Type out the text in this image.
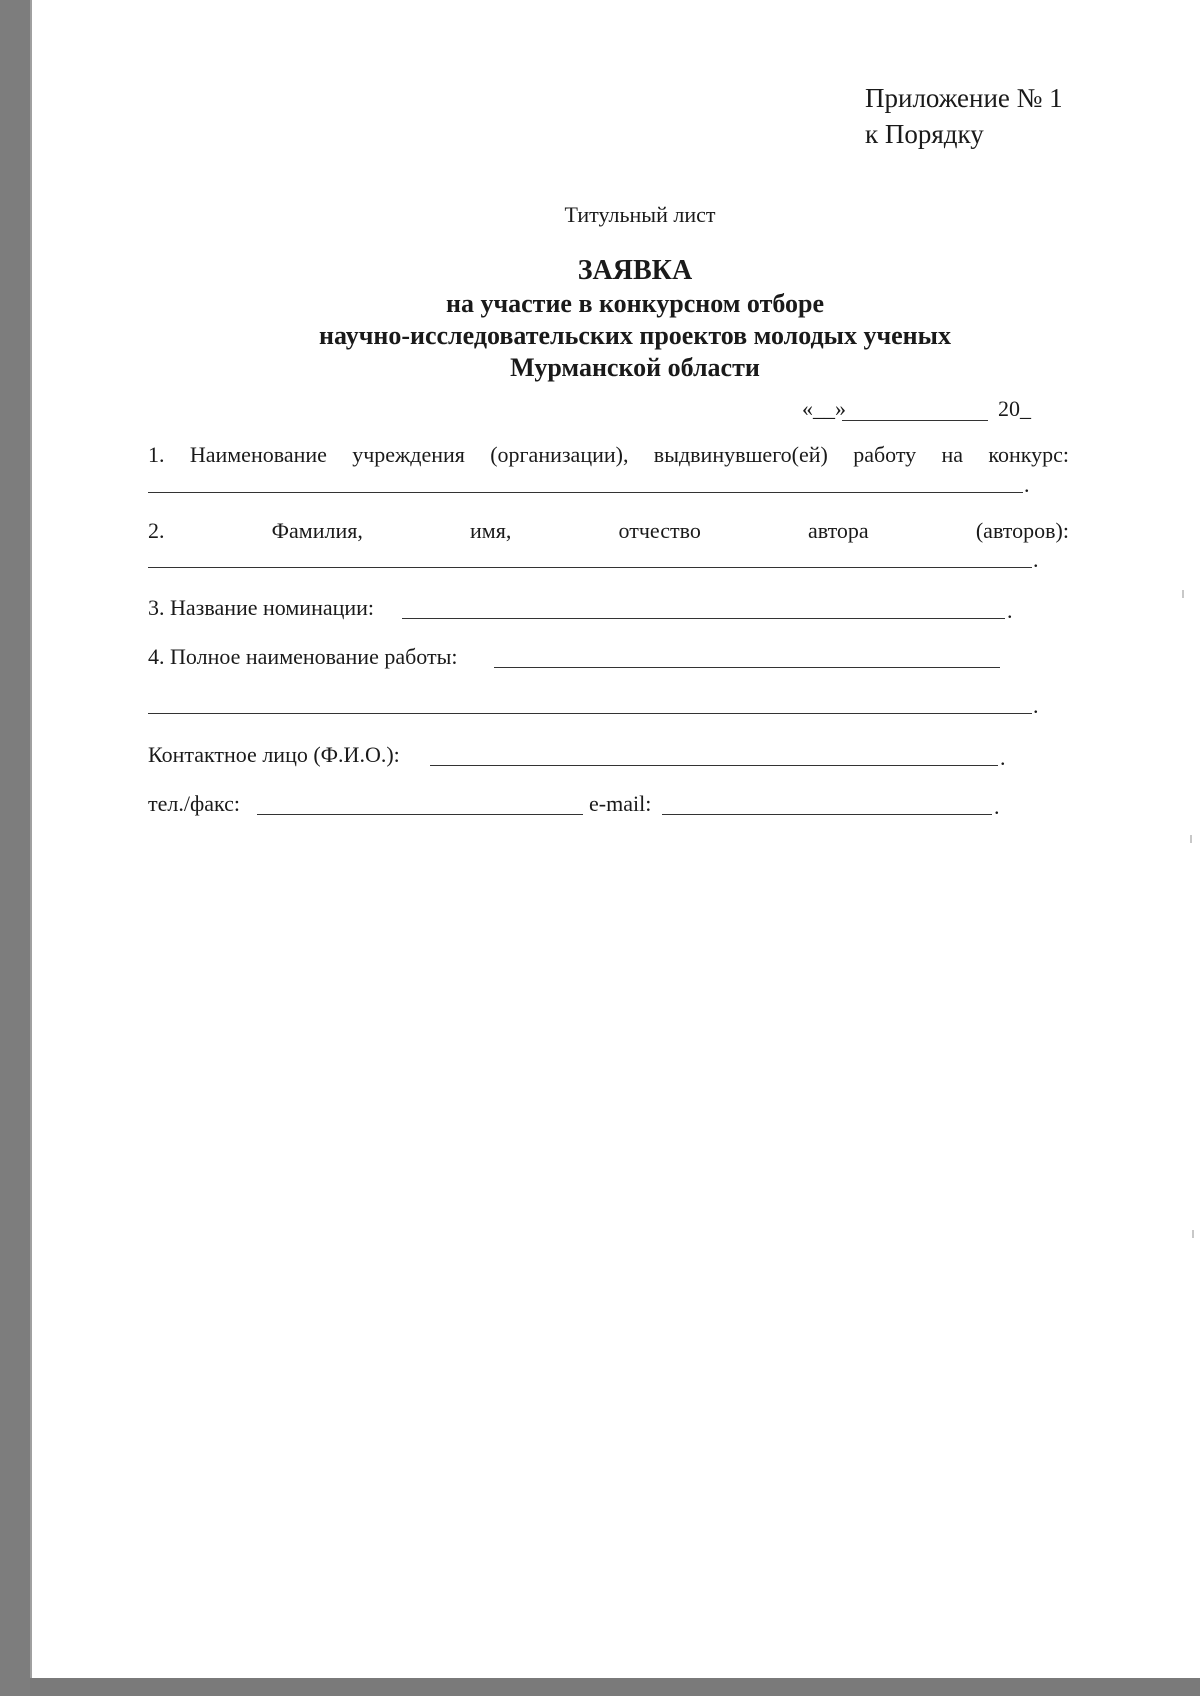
Приложение № 1
к Порядку
Титульный лист
ЗАЯВКА
на участие в конкурсном отборе
научно-исследовательских проектов молодых ученых
Мурманской области
«__»	20_
1. Наименование учреждения (организации), выдвинувшего(ей) работу на конкурс:
.
2.	Фамилия,	имя,	отчество	автора	(авторов):
.
3. Название номинации:	.
4. Полное наименование работы:
.
Контактное лицо (Ф.И.О.):	.
тел./факс:	e-mail:	.
